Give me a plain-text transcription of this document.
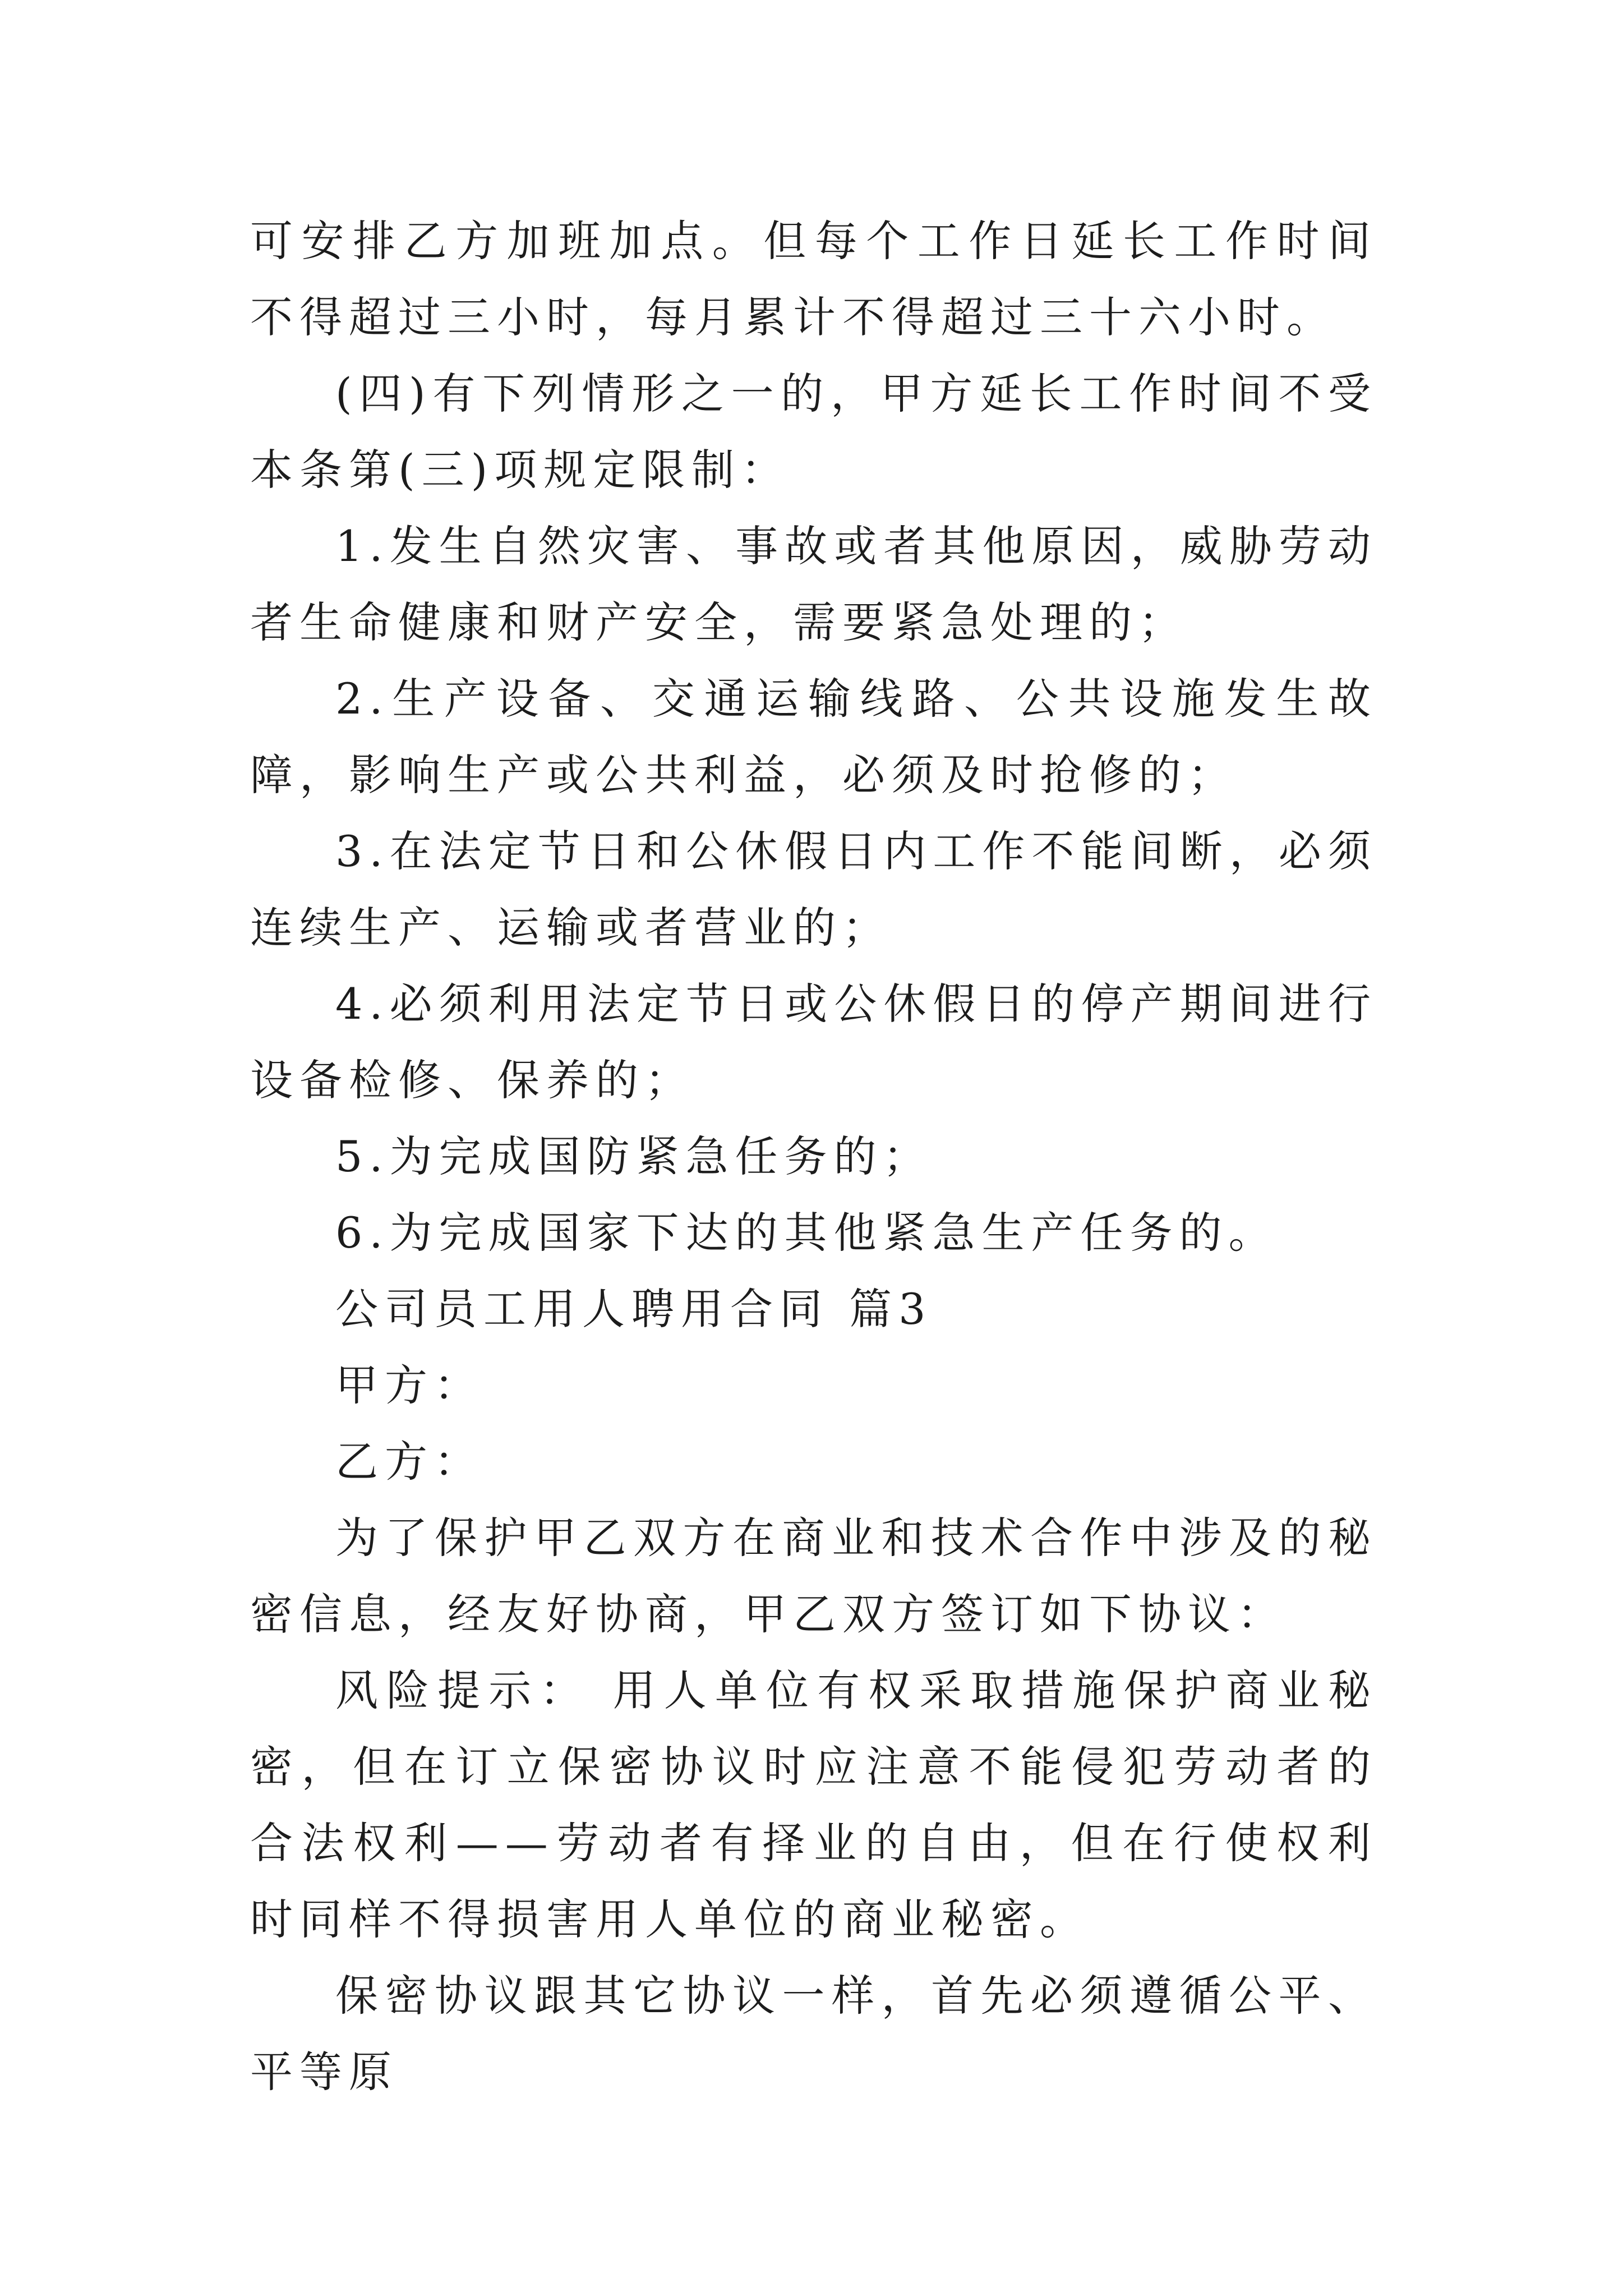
可安排乙方加班加点。但每个工作日延长工作时间不得超过三小时，每月累计不得超过三十六小时。

(四)有下列情形之一的，甲方延长工作时间不受本条第(三)项规定限制：

1.发生自然灾害、事故或者其他原因，威胁劳动者生命健康和财产安全，需要紧急处理的；

2.生产设备、交通运输线路、公共设施发生故障，影响生产或公共利益，必须及时抢修的；

3.在法定节日和公休假日内工作不能间断，必须连续生产、运输或者营业的；

4.必须利用法定节日或公休假日的停产期间进行设备检修、保养的；

5.为完成国防紧急任务的；

6.为完成国家下达的其他紧急生产任务的。

公司员工用人聘用合同 篇3

甲方：

乙方：

为了保护甲乙双方在商业和技术合作中涉及的秘密信息，经友好协商，甲乙双方签订如下协议：

风险提示： 用人单位有权采取措施保护商业秘密，但在订立保密协议时应注意不能侵犯劳动者的合法权利——劳动者有择业的自由，但在行使权利时同样不得损害用人单位的商业秘密。

保密协议跟其它协议一样，首先必须遵循公平、平等原
